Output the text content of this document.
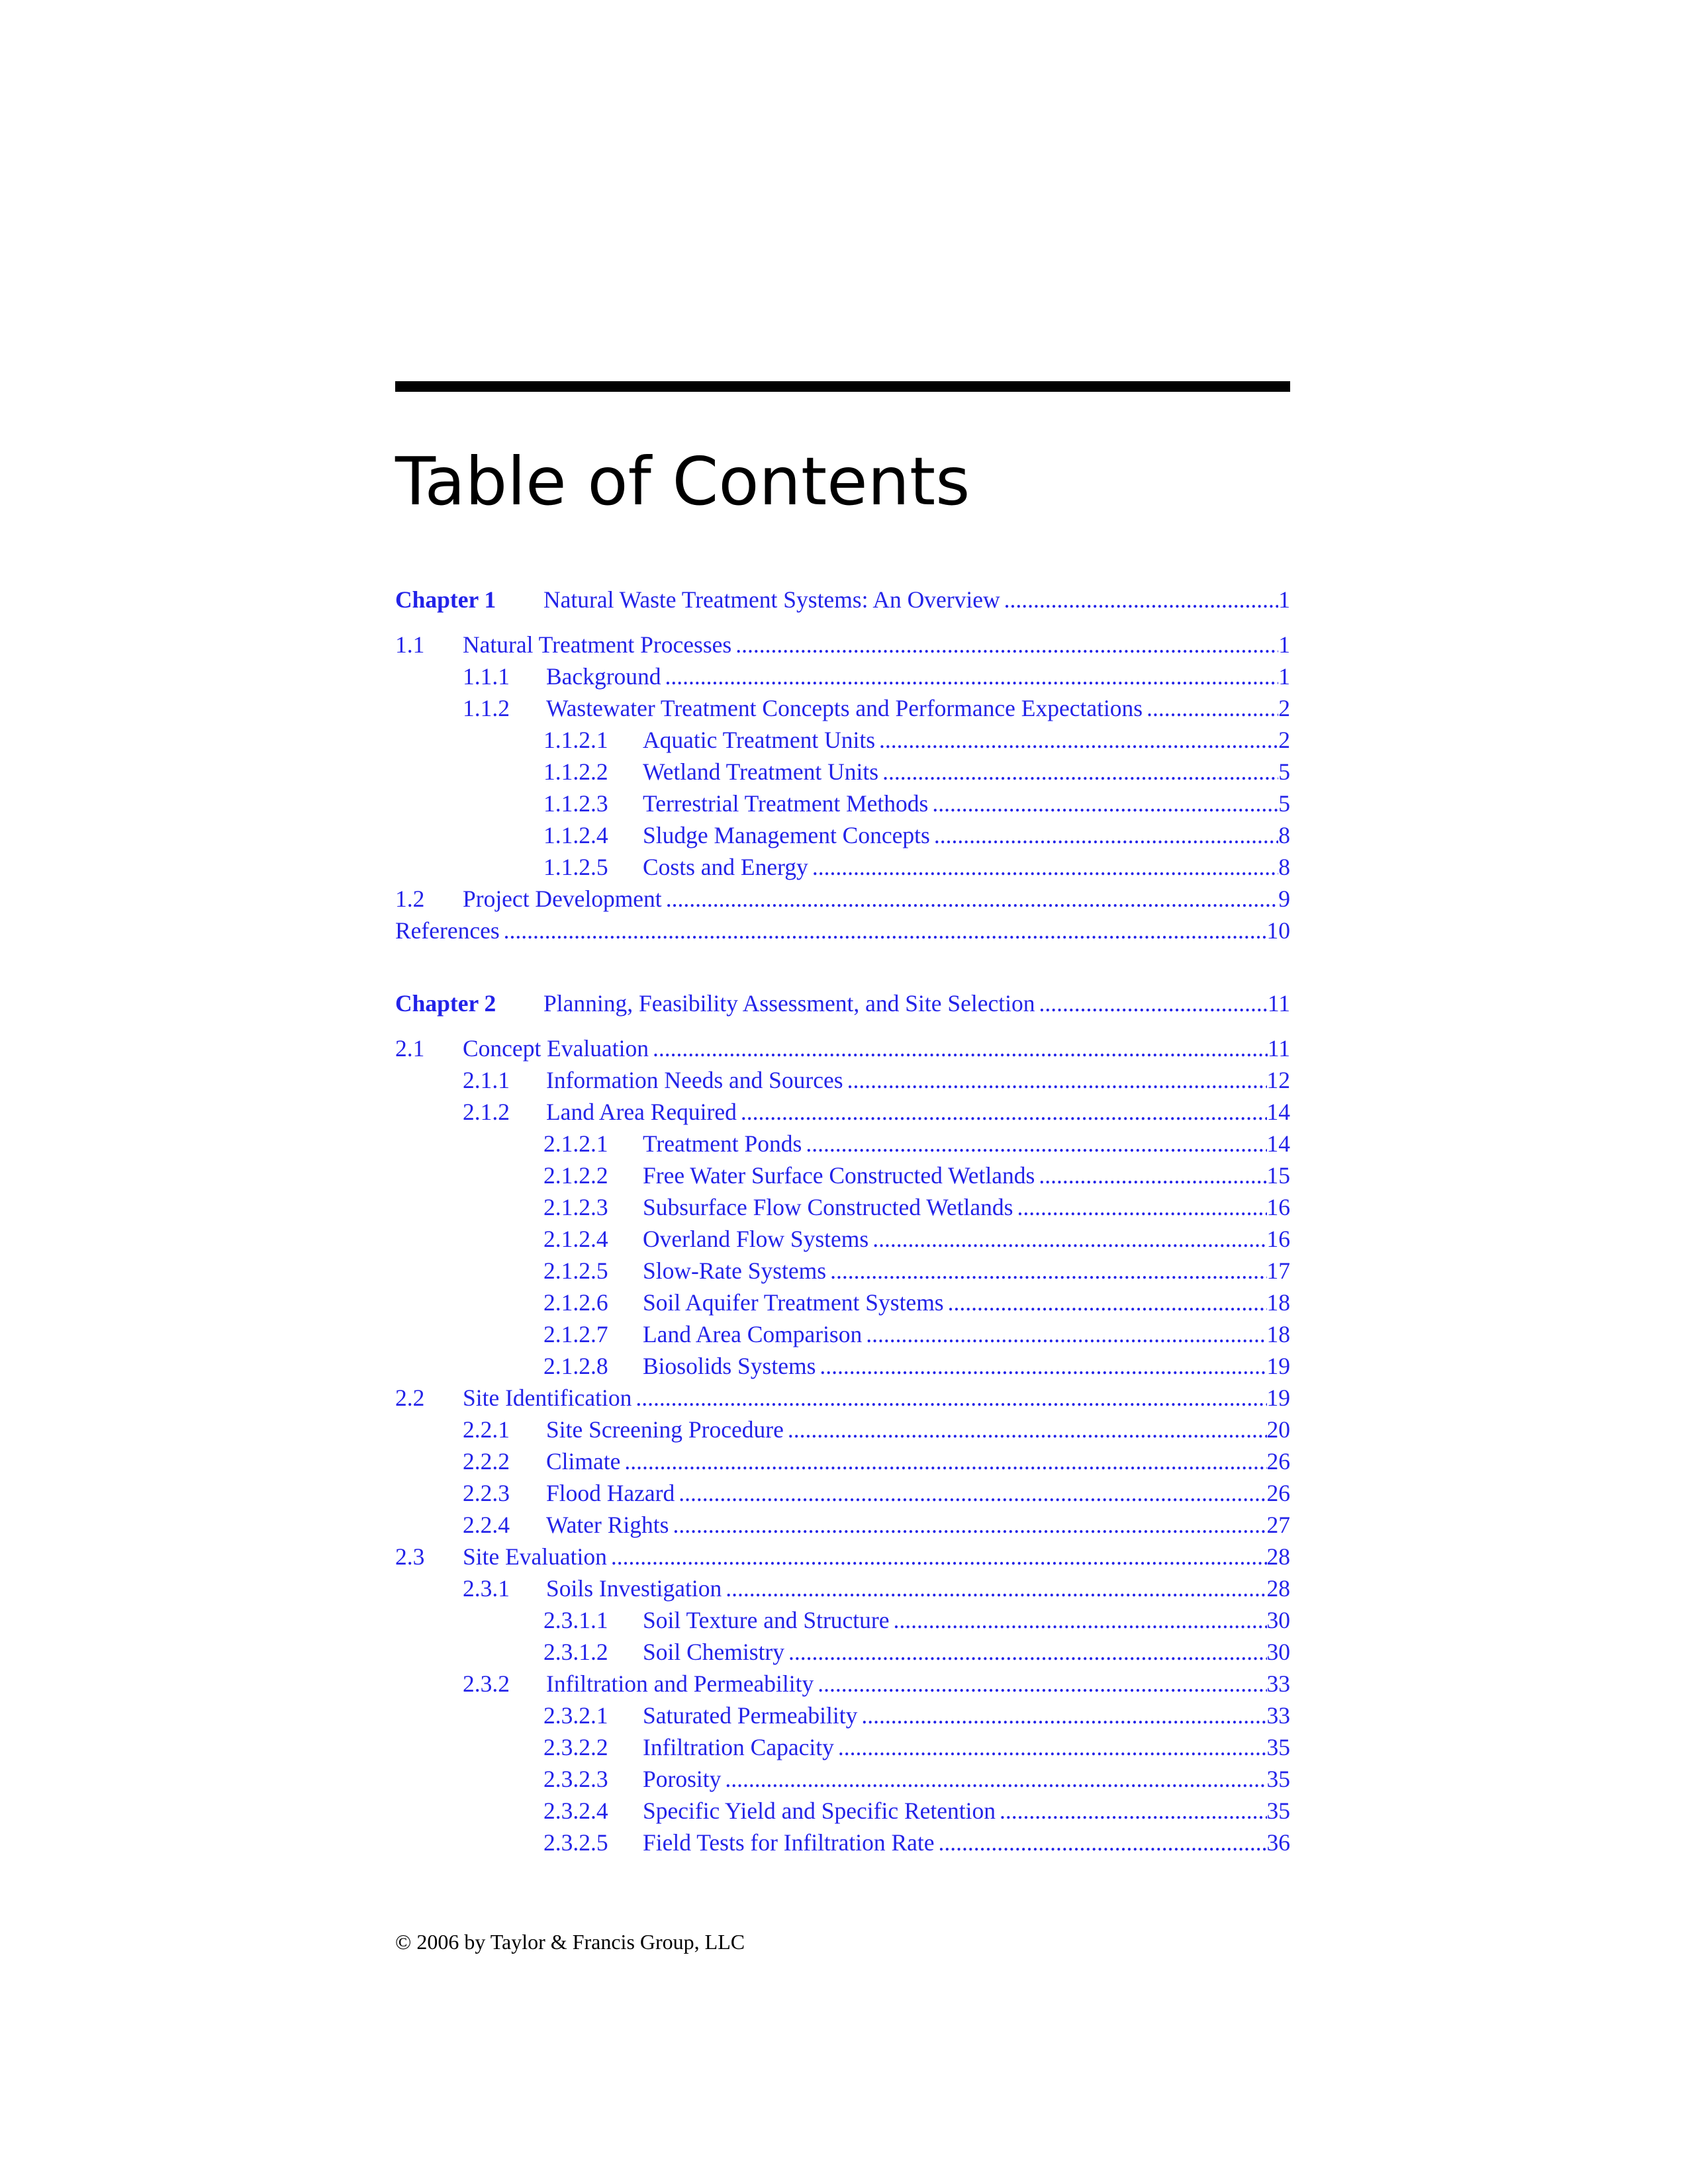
Table of Contents
Chapter 1	Natural Waste Treatment Systems: An Overview .....	1
1.1	Natural Treatment Processes .....	1
1.1.1	Background .....	1
1.1.2	Wastewater Treatment Concepts and Performance Expectations .....	2
1.1.2.1	Aquatic Treatment Units .....	2
1.1.2.2	Wetland Treatment Units .....	5
1.1.2.3	Terrestrial Treatment Methods .....	5
1.1.2.4	Sludge Management Concepts .....	8
1.1.2.5	Costs and Energy .....	8
1.2	Project Development .....	9
References .....	10
Chapter 2	Planning, Feasibility Assessment, and Site Selection .....	11
2.1	Concept Evaluation .....	11
2.1.1	Information Needs and Sources .....	12
2.1.2	Land Area Required .....	14
2.1.2.1	Treatment Ponds .....	14
2.1.2.2	Free Water Surface Constructed Wetlands .....	15
2.1.2.3	Subsurface Flow Constructed Wetlands .....	16
2.1.2.4	Overland Flow Systems .....	16
2.1.2.5	Slow-Rate Systems .....	17
2.1.2.6	Soil Aquifer Treatment Systems .....	18
2.1.2.7	Land Area Comparison .....	18
2.1.2.8	Biosolids Systems .....	19
2.2	Site Identification .....	19
2.2.1	Site Screening Procedure .....	20
2.2.2	Climate .....	26
2.2.3	Flood Hazard .....	26
2.2.4	Water Rights .....	27
2.3	Site Evaluation .....	28
2.3.1	Soils Investigation .....	28
2.3.1.1	Soil Texture and Structure .....	30
2.3.1.2	Soil Chemistry .....	30
2.3.2	Infiltration and Permeability .....	33
2.3.2.1	Saturated Permeability .....	33
2.3.2.2	Infiltration Capacity .....	35
2.3.2.3	Porosity .....	35
2.3.2.4	Specific Yield and Specific Retention .....	35
2.3.2.5	Field Tests for Infiltration Rate .....	36
© 2006 by Taylor & Francis Group, LLC
